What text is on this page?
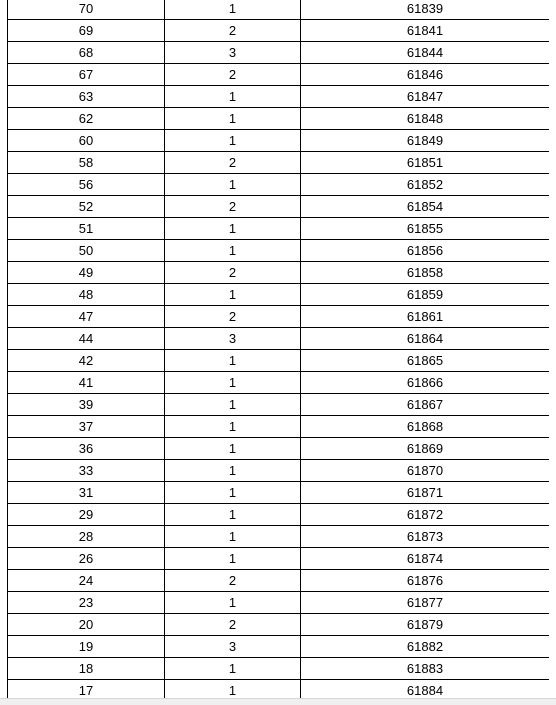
70	1	61839
69	2	61841
68	3	61844
67	2	61846
63	1	61847
62	1	61848
60	1	61849
58	2	61851
56	1	61852
52	2	61854
51	1	61855
50	1	61856
49	2	61858
48	1	61859
47	2	61861
44	3	61864
42	1	61865
41	1	61866
39	1	61867
37	1	61868
36	1	61869
33	1	61870
31	1	61871
29	1	61872
28	1	61873
26	1	61874
24	2	61876
23	1	61877
20	2	61879
19	3	61882
18	1	61883
17	1	61884
